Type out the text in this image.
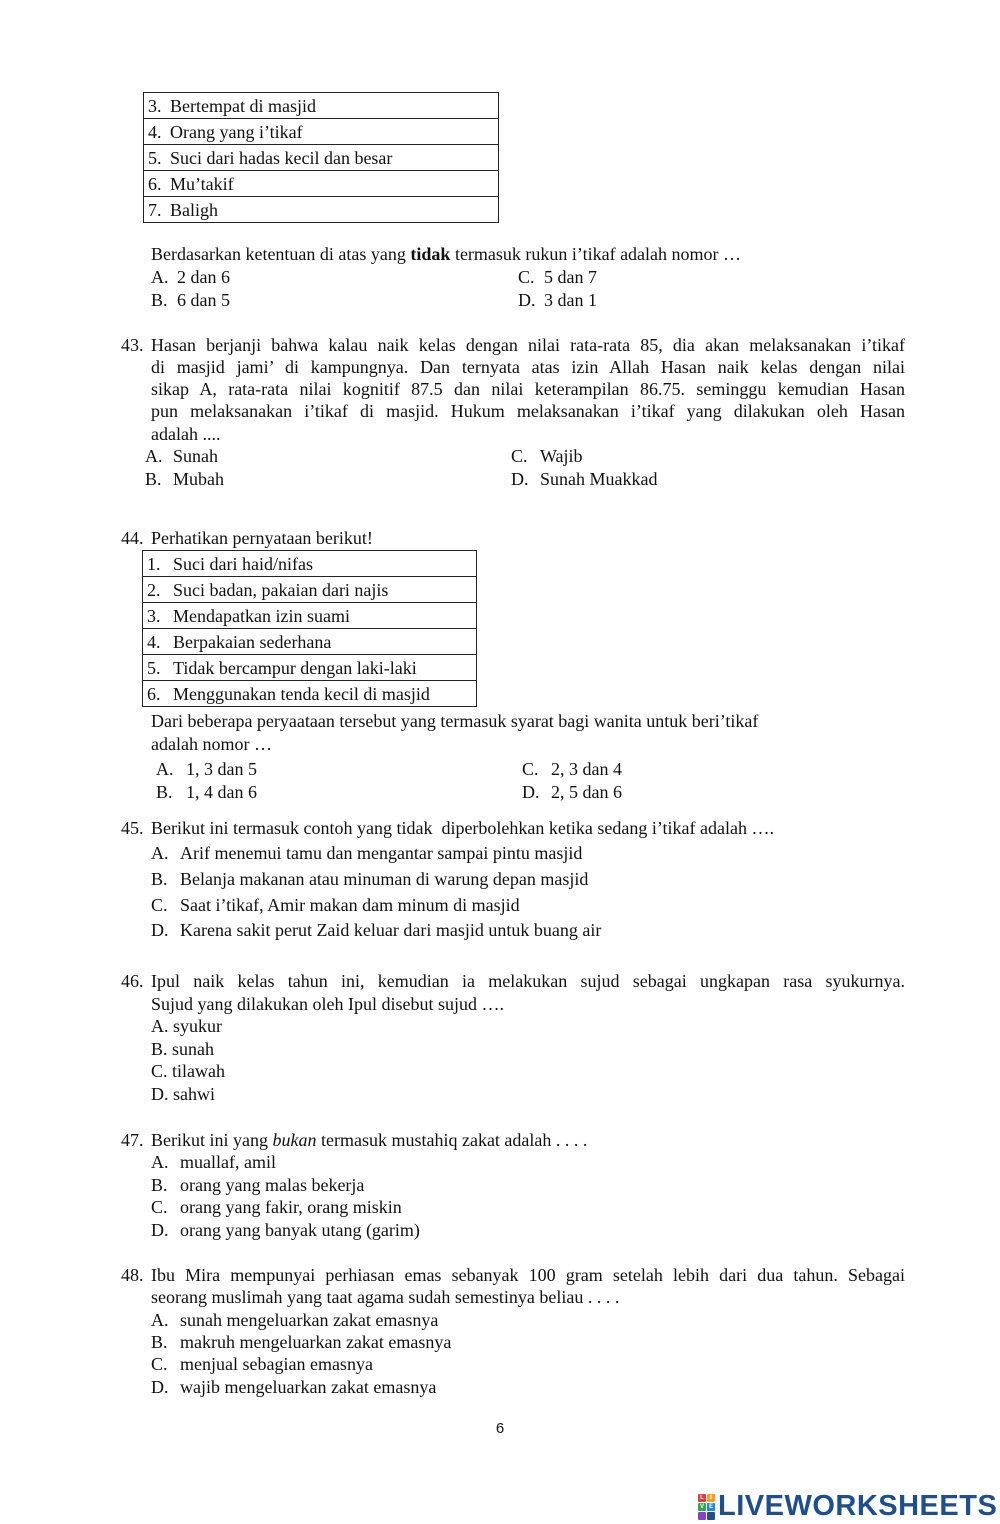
3. Bertempat di masjid
4. Orang yang i’tikaf
5. Suci dari hadas kecil dan besar
6. Mu’takif
7. Baligh
Berdasarkan ketentuan di atas yang tidak termasuk rukun i’tikaf adalah nomor …
A. 2 dan 6
B. 6 dan 5
C. 5 dan 7
D. 3 dan 1
43. Hasan berjanji bahwa kalau naik kelas dengan nilai rata-rata 85, dia akan melaksanakan i’tikaf
di masjid jami’ di kampungnya. Dan ternyata atas izin Allah Hasan naik kelas dengan nilai
sikap A, rata-rata nilai kognitif 87.5 dan nilai keterampilan 86.75. seminggu kemudian Hasan
pun melaksanakan i’tikaf di masjid. Hukum melaksanakan i’tikaf yang dilakukan oleh Hasan
adalah ....
A. Sunah
B. Mubah
C. Wajib
D. Sunah Muakkad
44. Perhatikan pernyataan berikut!
1. Suci dari haid/nifas
2. Suci badan, pakaian dari najis
3. Mendapatkan izin suami
4. Berpakaian sederhana
5. Tidak bercampur dengan laki-laki
6. Menggunakan tenda kecil di masjid
Dari beberapa peryaataan tersebut yang termasuk syarat bagi wanita untuk beri’tikaf
adalah nomor …
A. 1, 3 dan 5
B. 1, 4 dan 6
C. 2, 3 dan 4
D. 2, 5 dan 6
45. Berikut ini termasuk contoh yang tidak  diperbolehkan ketika sedang i’tikaf adalah ….
A. Arif menemui tamu dan mengantar sampai pintu masjid
B. Belanja makanan atau minuman di warung depan masjid
C. Saat i’tikaf, Amir makan dam minum di masjid
D. Karena sakit perut Zaid keluar dari masjid untuk buang air
46. Ipul naik kelas tahun ini, kemudian ia melakukan sujud sebagai ungkapan rasa syukurnya.
Sujud yang dilakukan oleh Ipul disebut sujud ….
A. syukur
B. sunah
C. tilawah
D. sahwi
47. Berikut ini yang bukan termasuk mustahiq zakat adalah . . . .
A. muallaf, amil
B. orang yang malas bekerja
C. orang yang fakir, orang miskin
D. orang yang banyak utang (garim)
48. Ibu Mira mempunyai perhiasan emas sebanyak 100 gram setelah lebih dari dua tahun. Sebagai
seorang muslimah yang taat agama sudah semestinya beliau . . . .
A. sunah mengeluarkan zakat emasnya
B. makruh mengeluarkan zakat emasnya
C. menjual sebagian emasnya
D. wajib mengeluarkan zakat emasnya
6
L	I
V E LIVEWORKSHEETS
